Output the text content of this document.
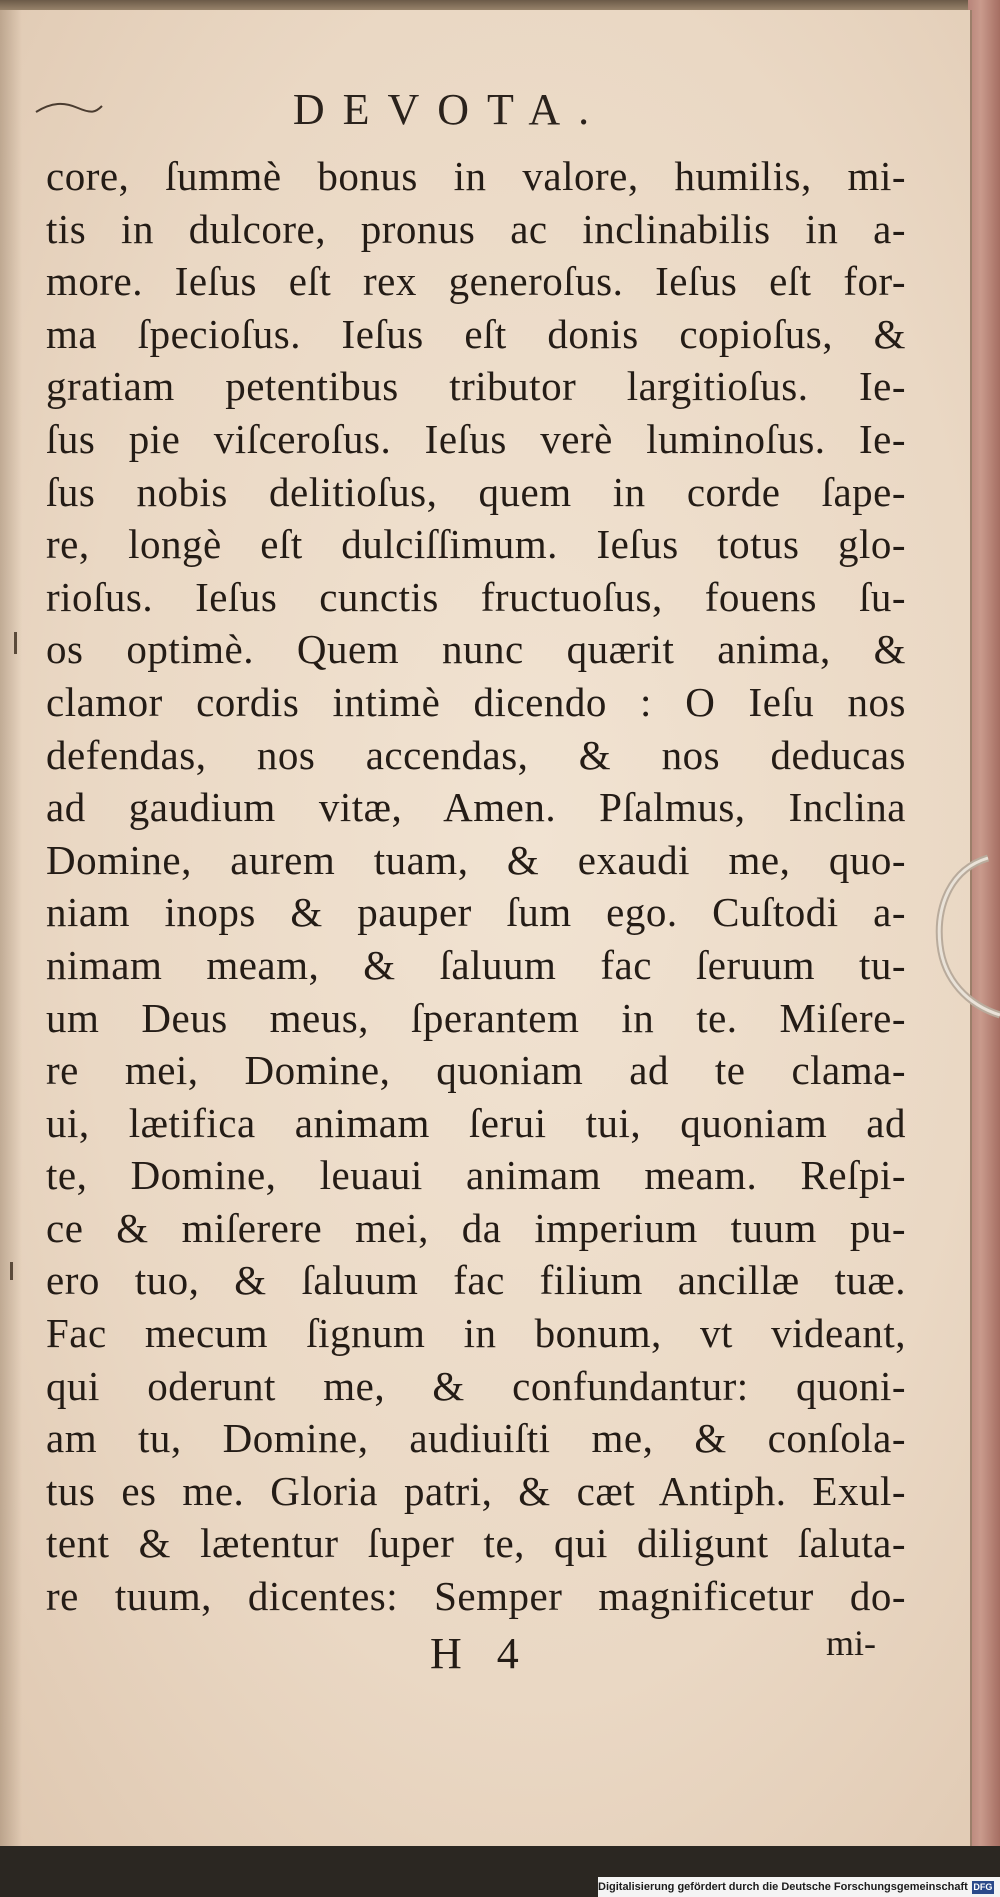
DEVOTA.
core, ſummè bonus in valore, humilis, mi-
tis in dulcore, pronus ac inclinabilis in a-
more. Ieſus eſt rex generoſus. Ieſus eſt for-
ma ſpecioſus. Ieſus eſt donis copioſus, &
gratiam petentibus tributor largitioſus. Ie-
ſus pie viſceroſus. Ieſus verè luminoſus. Ie-
ſus nobis delitioſus, quem in corde ſape-
re, longè eſt dulciſſimum. Ieſus totus glo-
rioſus. Ieſus cunctis fructuoſus, fouens ſu-
os optimè. Quem nunc quærit anima, &
clamor cordis intimè dicendo : O Ieſu nos
defendas, nos accendas, & nos deducas
ad gaudium vitæ, Amen. Pſalmus, Inclina
Domine, aurem tuam, & exaudi me, quo-
niam inops & pauper ſum ego. Cuſtodi a-
nimam meam, & ſaluum fac ſeruum tu-
um Deus meus, ſperantem in te. Miſere-
re mei, Domine, quoniam ad te clama-
ui, lætifica animam ſerui tui, quoniam ad
te, Domine, leuaui animam meam. Reſpi-
ce & miſerere mei, da imperium tuum pu-
ero tuo, & ſaluum fac filium ancillæ tuæ.
Fac mecum ſignum in bonum, vt videant,
qui oderunt me, & confundantur: quoni-
am tu, Domine, audiuiſti me, & conſola-
tus es me. Gloria patri, & cæt Antiph. Exul-
tent & lætentur ſuper te, qui diligunt ſaluta-
re tuum, dicentes: Semper magnificetur do-
H 4	mi-
Digitalisierung gefördert durch die Deutsche Forschungsgemeinschaft DFG
